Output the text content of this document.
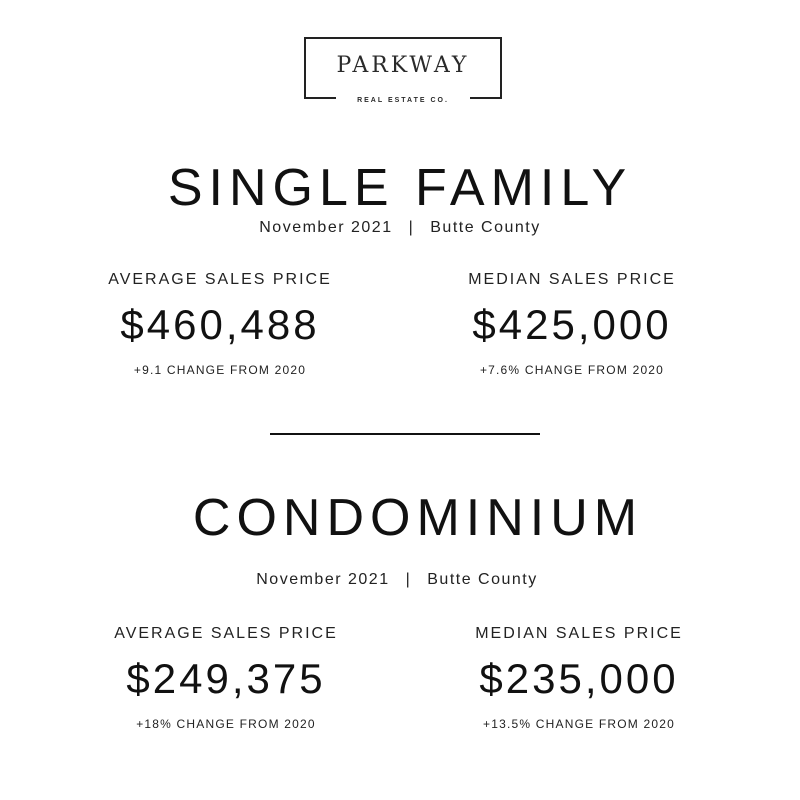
PARKWAY
REAL ESTATE CO.
SINGLE FAMILY
November 2021 | Butte County
AVERAGE SALES PRICE
$460,488
+9.1 CHANGE FROM 2020
MEDIAN SALES PRICE
$425,000
+7.6% CHANGE FROM 2020
CONDOMINIUM
November 2021 | Butte County
AVERAGE SALES PRICE
$249,375
+18% CHANGE FROM 2020
MEDIAN SALES PRICE
$235,000
+13.5% CHANGE FROM 2020
